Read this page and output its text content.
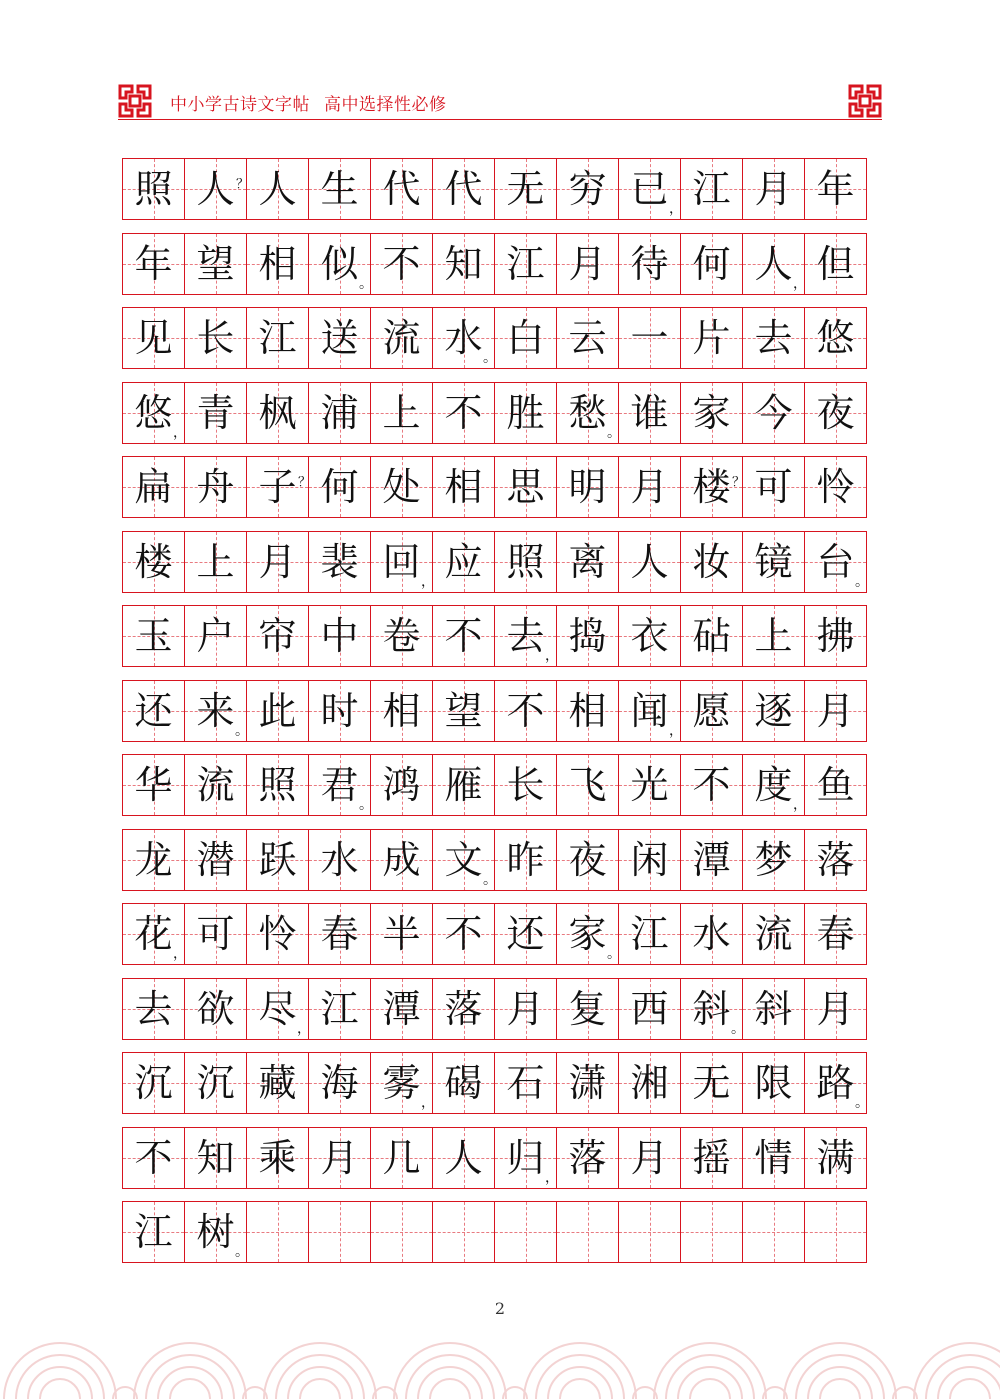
中小学古诗文字帖 高中选择性必修
照 人 ？ 人 生 代 代 无 穷 已 ， 江 月 年
年 望 相 似 。 不 知 江 月 待 何 人 ， 但
见 长 江 送 流 水 。 白 云 一 片 去 悠
悠 ， 青 枫 浦 上 不 胜 愁 。 谁 家 今 夜
扁 舟 子 ？ 何 处 相 思 明 月 楼 ？ 可 怜
楼 上 月 裴 回 ， 应 照 离 人 妆 镜 台 。
玉 户 帘 中 卷 不 去 ， 捣 衣 砧 上 拂
还 来 。 此 时 相 望 不 相 闻 ， 愿 逐 月
华 流 照 君 。 鸿 雁 长 飞 光 不 度 ， 鱼
龙 潜 跃 水 成 文 。 昨 夜 闲 潭 梦 落
花 ， 可 怜 春 半 不 还 家 。 江 水 流 春
去 欲 尽 ， 江 潭 落 月 复 西 斜 。 斜 月
沉 沉 藏 海 雾 ， 碣 石 潇 湘 无 限 路 。
不 知 乘 月 几 人 归 ， 落 月 摇 情 满
江 树 。
2
